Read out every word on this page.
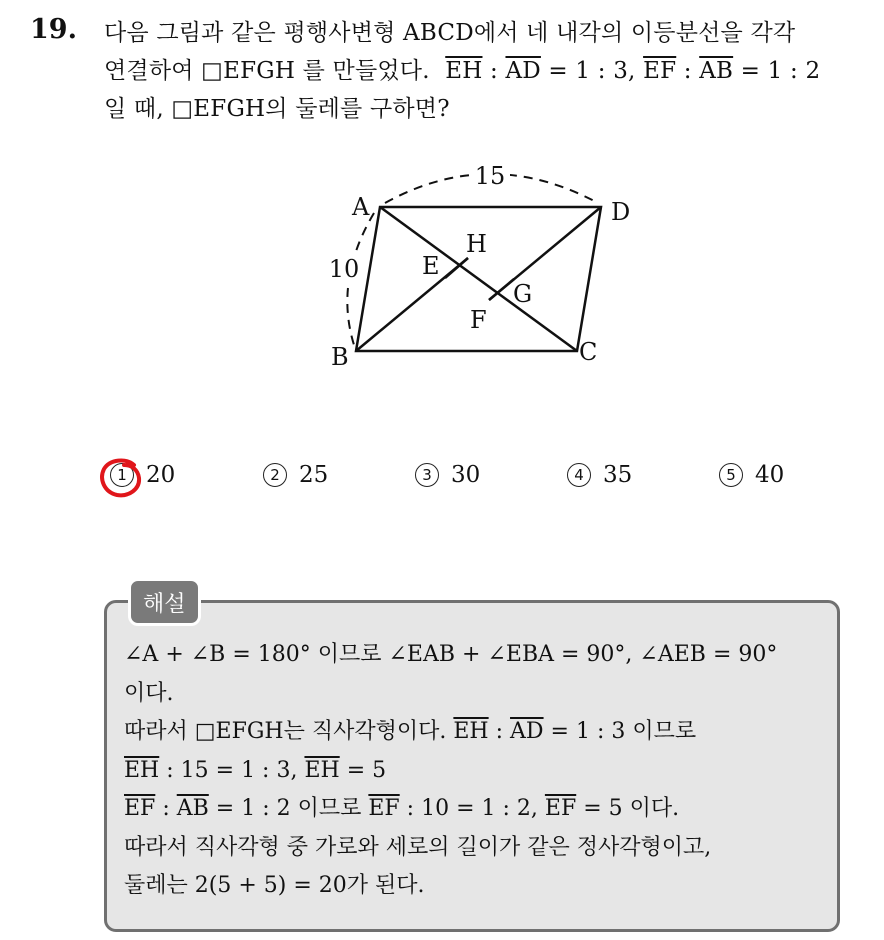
19. 다음 그림과 같은 평행사변형 ABCD에서 네 내각의 이등분선을 각각
연결하여 □EFGH 를 만들었다. $\overline{EH}$ : $\overline{AD} = 1$ : 3, $\overline{EF}$ : $\overline{AB} = 1$ : 2
일 때, □EFGH의 둘레를 구하면?
15
10
A	D
B	C
H
E
G
F
1 20	2 25	3 30	4 35	5 40
해설
∠A + ∠B = 180° 이므로 ∠EAB + ∠EBA = 90°, ∠AEB = 90°
이다.
따라서 □EFGH는 직사각형이다. $\overline{EH}$ : $\overline{AD} = 1$ : 3 이므로
$\overline{EH}$ : 15 = 1 : 3, $\overline{EH} = 5$
$\overline{EF}$ : $\overline{AB} = 1$ : 2 이므로 $\overline{EF}$ : 10 = 1 : 2, $\overline{EF} = 5$ 이다.
따라서 직사각형 중 가로와 세로의 길이가 같은 정사각형이고,
둘레는 2(5 + 5) = 20가 된다.
